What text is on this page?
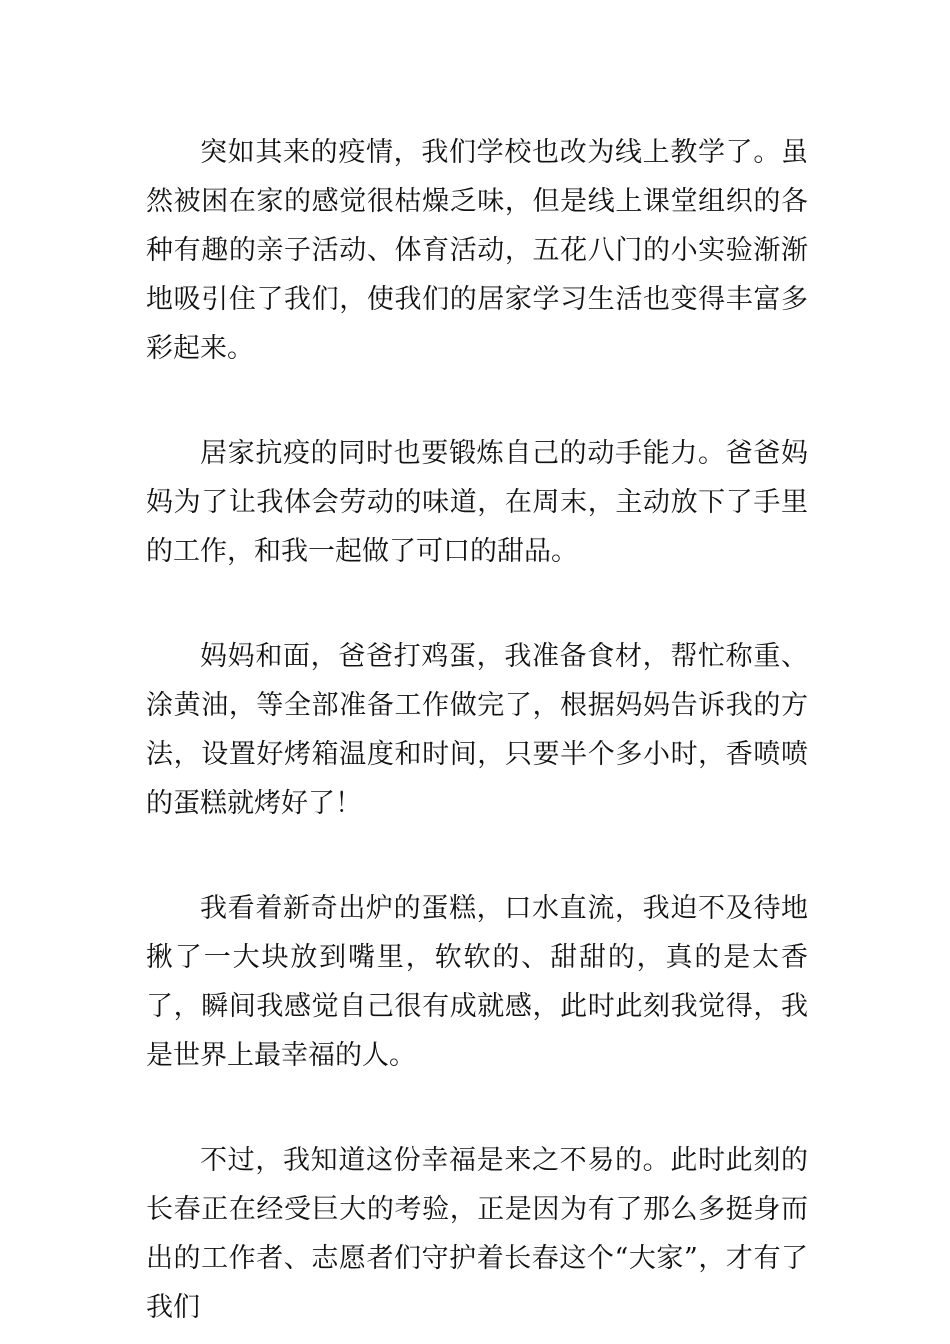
突如其来的疫情，我们学校也改为线上教学了。虽然被困在家的感觉很枯燥乏味，但是线上课堂组织的各种有趣的亲子活动、体育活动，五花八门的小实验渐渐地吸引住了我们，使我们的居家学习生活也变得丰富多彩起来。

居家抗疫的同时也要锻炼自己的动手能力。爸爸妈妈为了让我体会劳动的味道，在周末，主动放下了手里的工作，和我一起做了可口的甜品。

妈妈和面，爸爸打鸡蛋，我准备食材，帮忙称重、涂黄油，等全部准备工作做完了，根据妈妈告诉我的方法，设置好烤箱温度和时间，只要半个多小时，香喷喷的蛋糕就烤好了！

我看着新奇出炉的蛋糕，口水直流，我迫不及待地揪了一大块放到嘴里，软软的、甜甜的，真的是太香了，瞬间我感觉自己很有成就感，此时此刻我觉得，我是世界上最幸福的人。

不过，我知道这份幸福是来之不易的。此时此刻的长春正在经受巨大的考验，正是因为有了那么多挺身而出的工作者、志愿者们守护着长春这个“大家”，才有了我们
